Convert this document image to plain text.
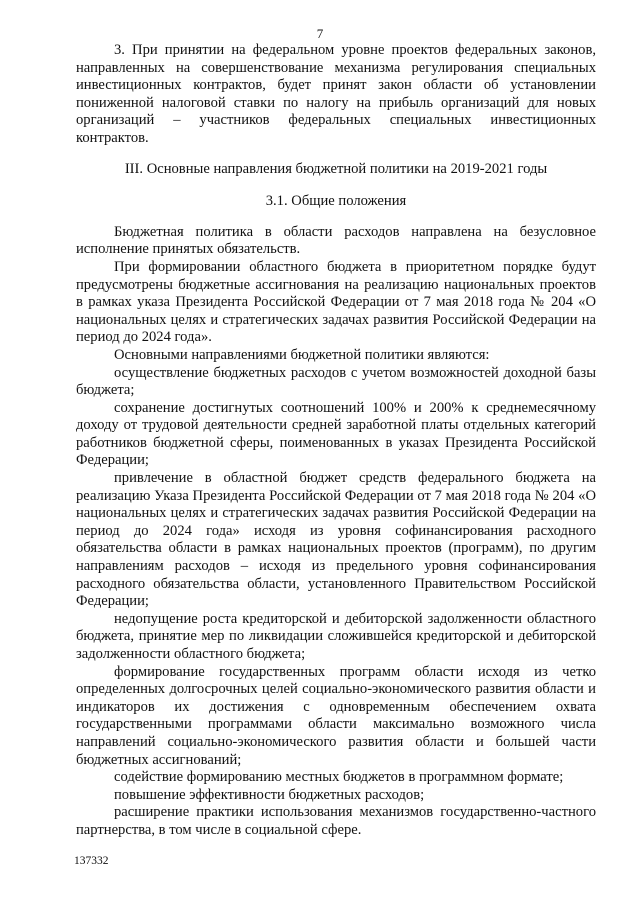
7

3. При принятии на федеральном уровне проектов федеральных законов, направленных на совершенствование механизма регулирования специальных инвестиционных контрактов, будет принят закон области об установлении пониженной налоговой ставки по налогу на прибыль организаций для новых организаций – участников федеральных специальных инвестиционных контрактов.

III. Основные направления бюджетной политики на 2019-2021 годы

3.1. Общие положения

Бюджетная политика в области расходов направлена на безусловное исполнение принятых обязательств.

При формировании областного бюджета в приоритетном порядке будут предусмотрены бюджетные ассигнования на реализацию национальных проектов в рамках указа Президента Российской Федерации от 7 мая 2018 года № 204 «О национальных целях и стратегических задачах развития Российской Федерации на период до 2024 года».

Основными направлениями бюджетной политики являются:

осуществление бюджетных расходов с учетом возможностей доходной базы бюджета;

сохранение достигнутых соотношений 100% и 200% к среднемесячному доходу от трудовой деятельности средней заработной платы отдельных категорий работников бюджетной сферы, поименованных в указах Президента Российской Федерации;

привлечение в областной бюджет средств федерального бюджета на реализацию Указа Президента Российской Федерации от 7 мая 2018 года № 204 «О национальных целях и стратегических задачах развития Российской Федерации на период до 2024 года» исходя из уровня софинансирования расходного обязательства области в рамках национальных проектов (программ), по другим направлениям расходов – исходя из предельного уровня софинансирования расходного обязательства области, установленного Правительством Российской Федерации;

недопущение роста кредиторской и дебиторской задолженности областного бюджета, принятие мер по ликвидации сложившейся кредиторской и дебиторской задолженности областного бюджета;

формирование государственных программ области исходя из четко определенных долгосрочных целей социально-экономического развития области и индикаторов их достижения с одновременным обеспечением охвата государственными программами области максимально возможного числа направлений социально-экономического развития области и большей части бюджетных ассигнований;

содействие формированию местных бюджетов в программном формате;

повышение эффективности бюджетных расходов;

расширение практики использования механизмов государственно-частного партнерства, в том числе в социальной сфере.

137332
